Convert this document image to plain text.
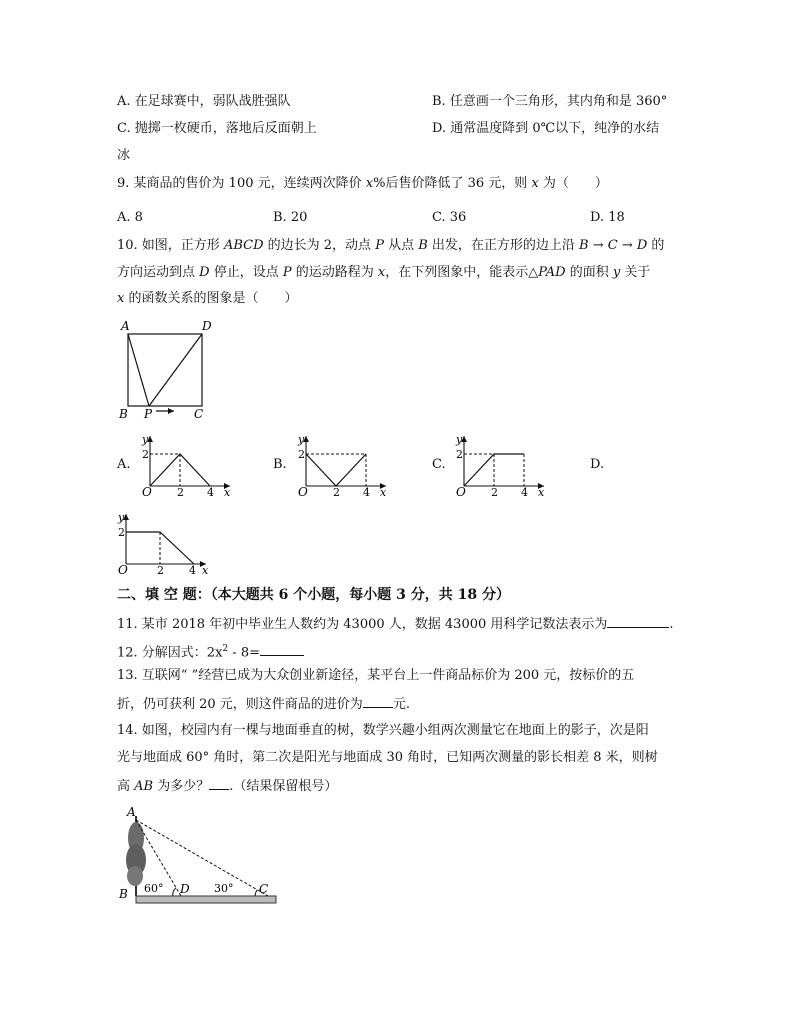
A. 在足球赛中，弱队战胜强队	B. 任意画一个三角形，其内角和是 360°
C. 抛掷一枚硬币，落地后反面朝上	D. 通常温度降到 0℃以下，纯净的水结
冰
9. 某商品的售价为 100 元，连续两次降价 x%后售价降低了 36 元，则 x 为（　　）
A. 8	B. 20	C. 36	D. 18
10. 如图，正方形 ABCD 的边长为 2，动点 P 从点 B 出发，在正方形的边上沿 B → C → D 的
方向运动到点 D 停止，设点 P 的运动路程为 x，在下列图象中，能表示△PAD 的面积 y 关于
x 的函数关系的图象是（　　）
A	D
B P	C
A.	B.	C.	D.
y
2
O 2 4 x
y
2
O 2 4 x
y
2
O 2 4 x
y
2
O	2 4 x
二、填 空 题：（本大题共 6 个小题，每小题 3 分，共 18 分）
11. 某市 2018 年初中毕业生人数约为 43000 人，数据 43000 用科学记数法表示为	.
12. 分解因式：$2x^2 - 8=$
13. 互联网“ ”经营已成为大众创业新途径，某平台上一件商品标价为 200 元，按标价的五
折，仍可获利 20 元，则这件商品的进价为 元.
14. 如图，校园内有一棵与地面垂直的树，数学兴趣小组两次测量它在地面上的影子，次是阳
光与地面成 60° 角时，第二次是阳光与地面成 30 角时，已知两次测量的影长相差 8 米，则树
高 AB 为多少？ .（结果保留根号）
A
B 60° D 30° C
